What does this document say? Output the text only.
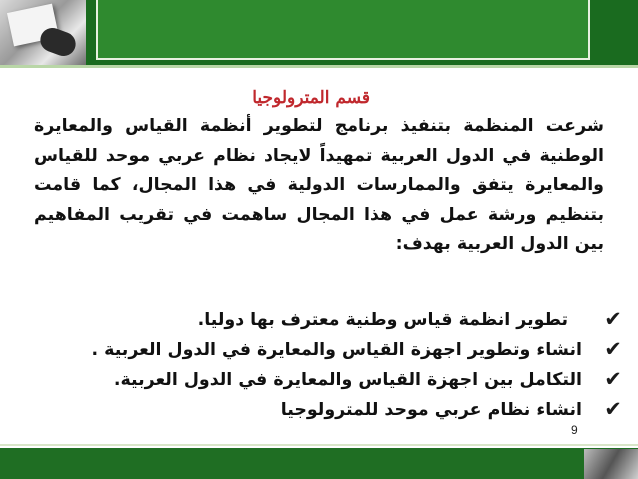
قسم المترولوجيا

شرعت المنظمة بتنفيذ برنامج لتطوير أنظمة القياس والمعايرة الوطنية في الدول العربية تمهيداً لايجاد نظام عربي موحد للقياس والمعايرة يتفق والممارسات الدولية في هذا المجال، كما قامت بتنظيم ورشة عمل في هذا المجال ساهمت في تقريب المفاهيم بين الدول العربية بهدف:

✔
تطوير انظمة قياس وطنية معترف بها دوليا.
✔
انشاء وتطوير اجهزة القياس والمعايرة في الدول العربية .
✔
التكامل بين اجهزة القياس والمعايرة في الدول العربية.
✔
انشاء نظام عربي موحد للمترولوجيا
9
